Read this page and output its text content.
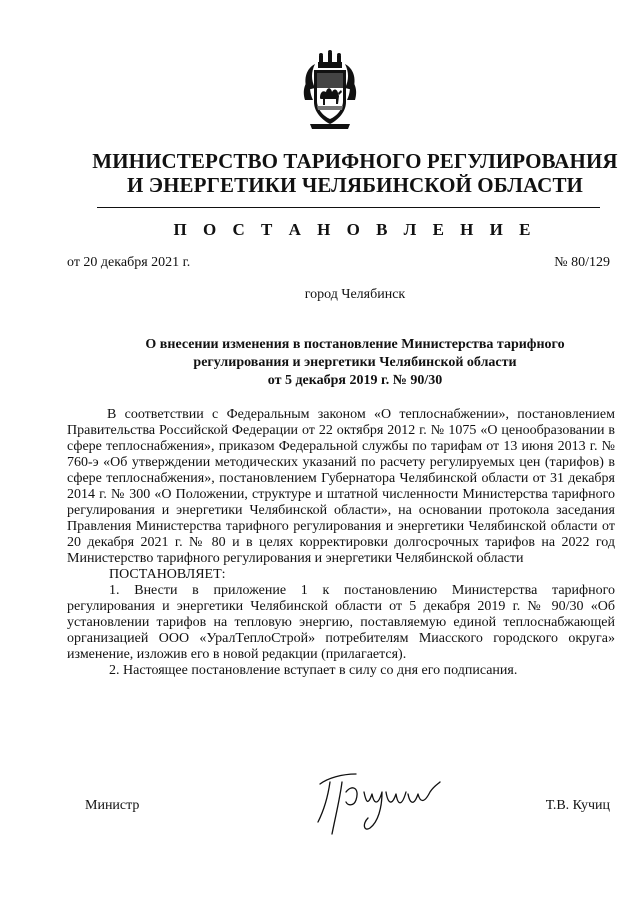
МИНИСТЕРСТВО ТАРИФНОГО РЕГУЛИРОВАНИЯ
И ЭНЕРГЕТИКИ ЧЕЛЯБИНСКОЙ ОБЛАСТИ
П О С Т А Н О В Л Е Н И Е
от 20 декабря 2021 г.	№ 80/129
город Челябинск
О внесении изменения в постановление Министерства тарифного
регулирования и энергетики Челябинской области
от 5 декабря 2019 г. № 90/30

В соответствии с Федеральным законом «О теплоснабжении», постановлением Правительства Российской Федерации от 22 октября 2012 г. № 1075 «О ценообразовании в сфере теплоснабжения», приказом Федеральной службы по тарифам от 13 июня 2013 г. № 760-э «Об утверждении методических указаний по расчету регулируемых цен (тарифов) в сфере теплоснабжения», постановлением Губернатора Челябинской области от 31 декабря 2014 г. № 300 «О Положении, структуре и штатной численности Министерства тарифного регулирования и энергетики Челябинской области», на основании протокола заседания Правления Министерства тарифного регулирования и энергетики Челябинской области от 20 декабря 2021 г. № 80 и в целях корректировки долгосрочных тарифов на 2022 год Министерство тарифного регулирования и энергетики Челябинской области

ПОСТАНОВЛЯЕТ:

1. Внести в приложение 1 к постановлению Министерства тарифного регулирования и энергетики Челябинской области от 5 декабря 2019 г. № 90/30 «Об установлении тарифов на тепловую энергию, поставляемую единой теплоснабжающей организацией ООО «УралТеплоСтрой» потребителям Миасского городского округа» изменение, изложив его в новой редакции (прилагается).

2. Настоящее постановление вступает в силу со дня его подписания.

Министр	Т.В. Кучиц
